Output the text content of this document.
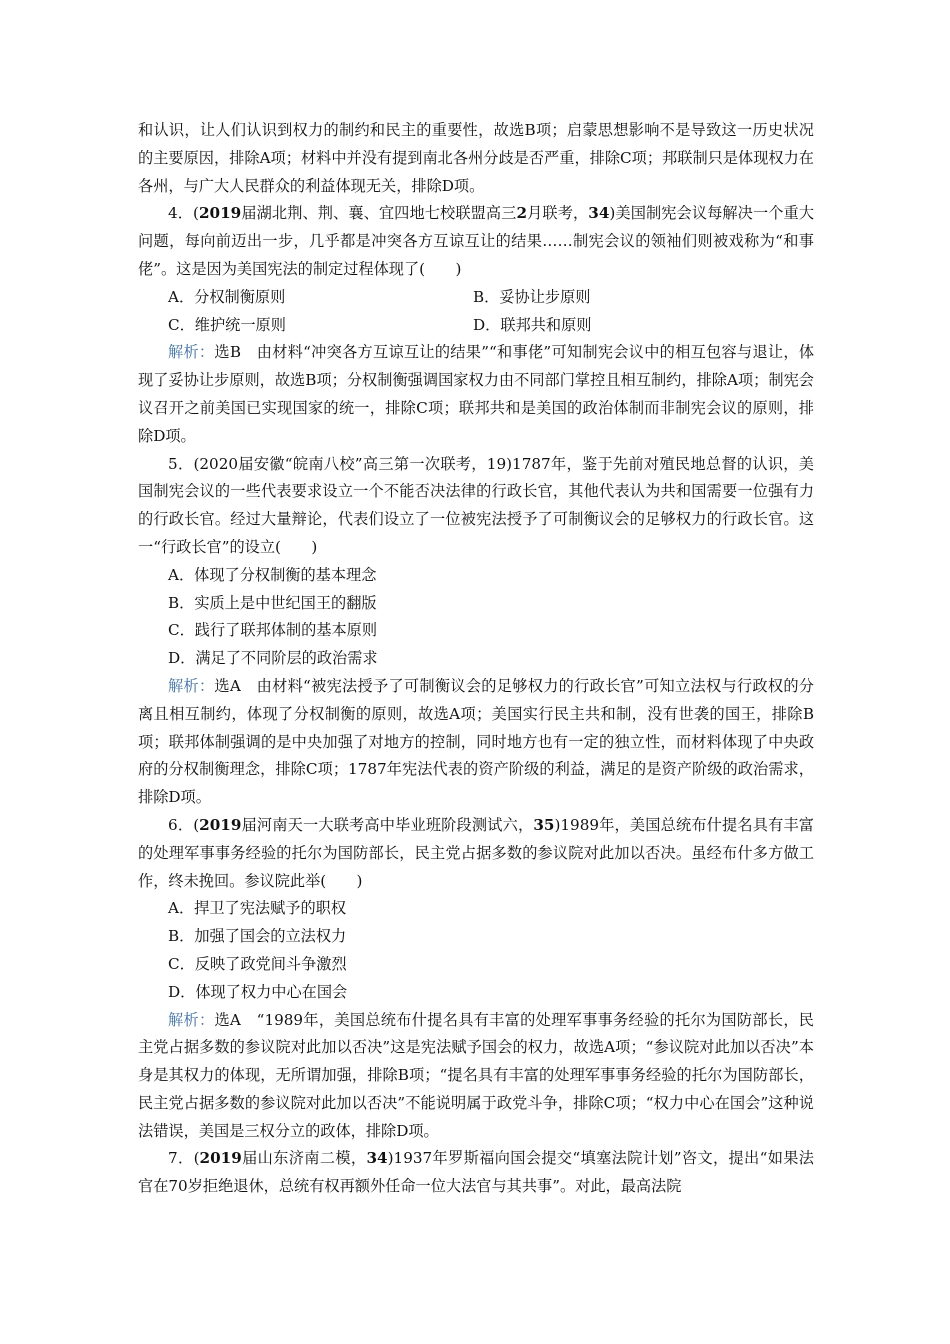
和认识，让人们认识到权力的制约和民主的重要性，故选B项；启蒙思想影响不是导致这一历史状况的主要原因，排除A项；材料中并没有提到南北各州分歧是否严重，排除C项；邦联制只是体现权力在各州，与广大人民群众的利益体现无关，排除D项。

4．(2019届湖北荆、荆、襄、宜四地七校联盟高三2月联考，34)美国制宪会议每解决一个重大问题，每向前迈出一步，几乎都是冲突各方互谅互让的结果……制宪会议的领袖们则被戏称为“和事佬”。这是因为美国宪法的制定过程体现了(　　)

A．分权制衡原则	B．妥协让步原则

C．维护统一原则	D．联邦共和原则

解析：选B　由材料“冲突各方互谅互让的结果”“和事佬”可知制宪会议中的相互包容与退让，体现了妥协让步原则，故选B项；分权制衡强调国家权力由不同部门掌控且相互制约，排除A项；制宪会议召开之前美国已实现国家的统一，排除C项；联邦共和是美国的政治体制而非制宪会议的原则，排除D项。

5．(2020届安徽“皖南八校”高三第一次联考，19)1787年，鉴于先前对殖民地总督的认识，美国制宪会议的一些代表要求设立一个不能否决法律的行政长官，其他代表认为共和国需要一位强有力的行政长官。经过大量辩论，代表们设立了一位被宪法授予了可制衡议会的足够权力的行政长官。这一“行政长官”的设立(　　)

A．体现了分权制衡的基本理念

B．实质上是中世纪国王的翻版

C．践行了联邦体制的基本原则

D．满足了不同阶层的政治需求

解析：选A　由材料“被宪法授予了可制衡议会的足够权力的行政长官”可知立法权与行政权的分离且相互制约，体现了分权制衡的原则，故选A项；美国实行民主共和制，没有世袭的国王，排除B项；联邦体制强调的是中央加强了对地方的控制，同时地方也有一定的独立性，而材料体现了中央政府的分权制衡理念，排除C项；1787年宪法代表的资产阶级的利益，满足的是资产阶级的政治需求，排除D项。

6．(2019届河南天一大联考高中毕业班阶段测试六，35)1989年，美国总统布什提名具有丰富的处理军事事务经验的托尔为国防部长，民主党占据多数的参议院对此加以否决。虽经布什多方做工作，终未挽回。参议院此举(　　)

A．捍卫了宪法赋予的职权

B．加强了国会的立法权力

C．反映了政党间斗争激烈

D．体现了权力中心在国会

解析：选A　“1989年，美国总统布什提名具有丰富的处理军事事务经验的托尔为国防部长，民主党占据多数的参议院对此加以否决”这是宪法赋予国会的权力，故选A项；“参议院对此加以否决”本身是其权力的体现，无所谓加强，排除B项；“提名具有丰富的处理军事事务经验的托尔为国防部长，民主党占据多数的参议院对此加以否决”不能说明属于政党斗争，排除C项；“权力中心在国会”这种说法错误，美国是三权分立的政体，排除D项。

7．(2019届山东济南二模，34)1937年罗斯福向国会提交“填塞法院计划”咨文，提出“如果法官在70岁拒绝退休，总统有权再额外任命一位大法官与其共事”。对此，最高法院
